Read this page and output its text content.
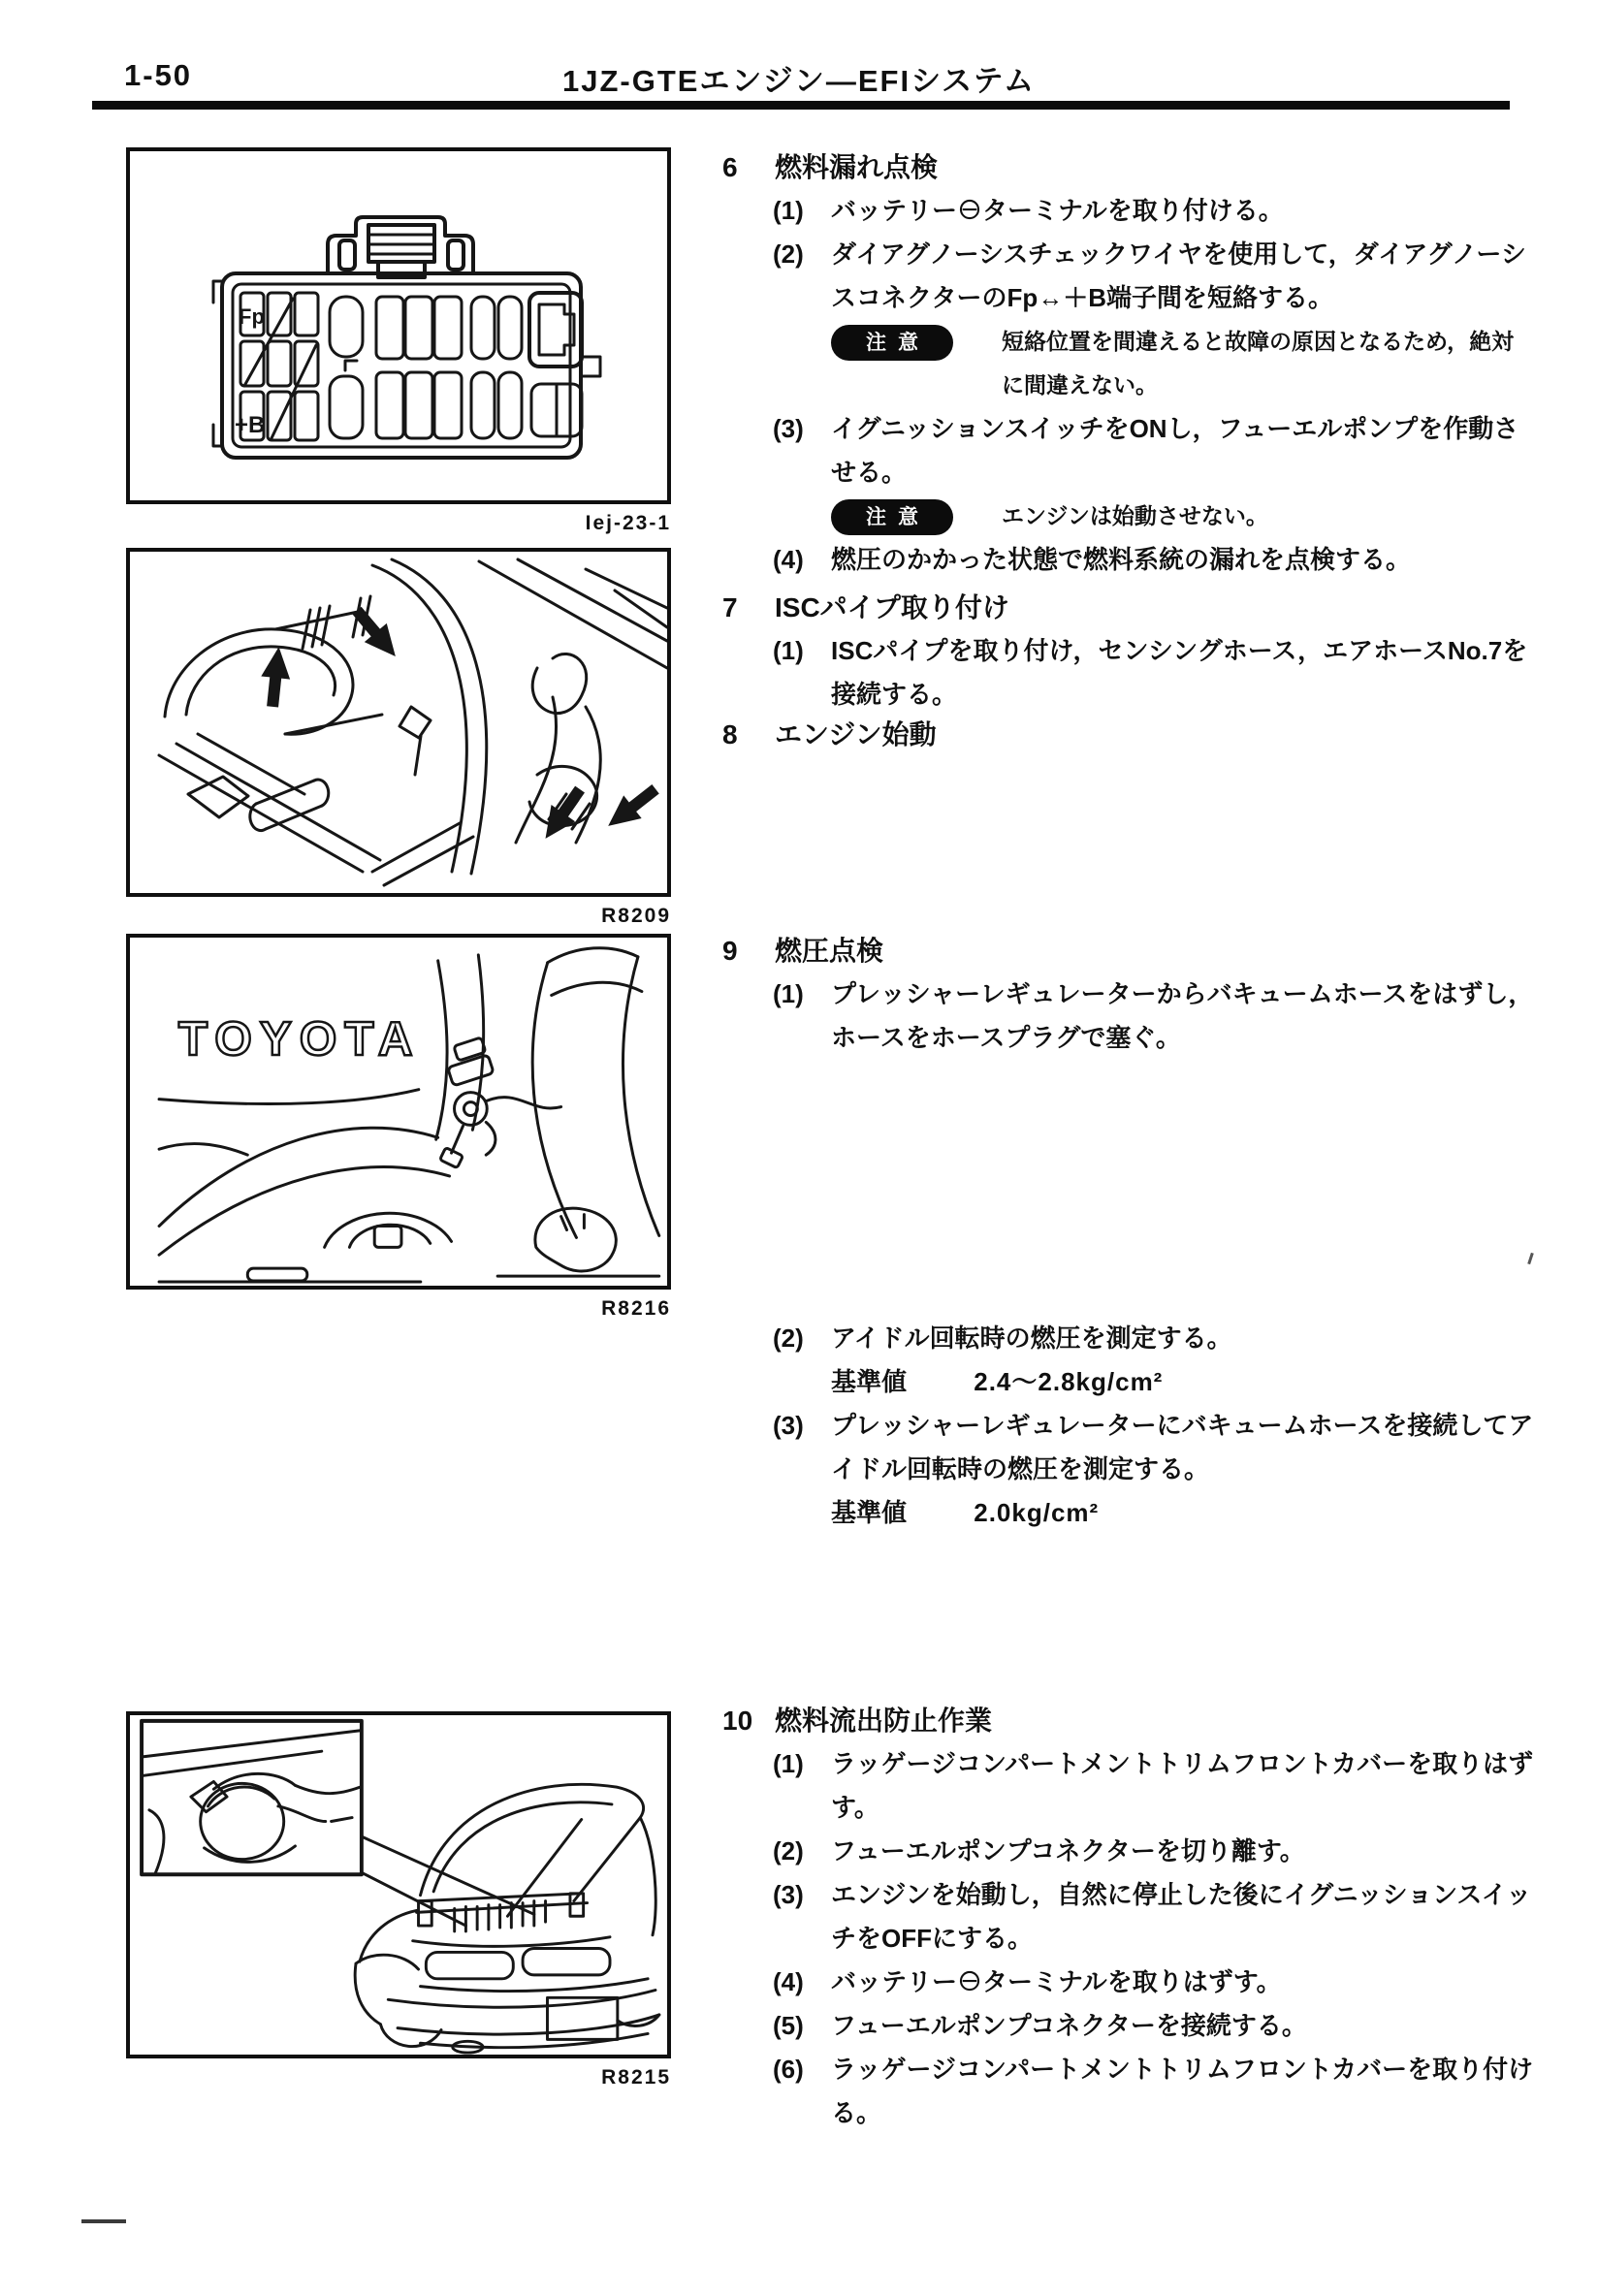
1-50	1JZ-GTEエンジン—EFIシステム
Fp
+B
Iej-23-1
R8209
TOYOTA
R8216
R8215
6	燃料漏れ点検
(1) バッテリー⊖ターミナルを取り付ける。
(2) ダイアグノーシスチェックワイヤを使用して，ダイアグノーシスコネクターのFp↔＋B端子間を短絡する。
注意	短絡位置を間違えると故障の原因となるため，絶対に間違えない。
(3) イグニッションスイッチをONし，フューエルポンプを作動させる。
注意	エンジンは始動させない。
(4) 燃圧のかかった状態で燃料系統の漏れを点検する。
7	ISCパイプ取り付け
(1) ISCパイプを取り付け，センシングホース，エアホースNo.7を接続する。
8	エンジン始動
9	燃圧点検
(1) プレッシャーレギュレーターからバキュームホースをはずし，ホースをホースプラグで塞ぐ。
(2) アイドル回転時の燃圧を測定する。
基準値	2.4～2.8kg/cm²
(3) プレッシャーレギュレーターにバキュームホースを接続してアイドル回転時の燃圧を測定する。
基準値	2.0kg/cm²
10 燃料流出防止作業
(1) ラッゲージコンパートメントトリムフロントカバーを取りはずす。
(2) フューエルポンプコネクターを切り離す。
(3) エンジンを始動し，自然に停止した後にイグニッションスイッチをOFFにする。
(4) バッテリー⊖ターミナルを取りはずす。
(5) フューエルポンプコネクターを接続する。
(6) ラッゲージコンパートメントトリムフロントカバーを取り付ける。
